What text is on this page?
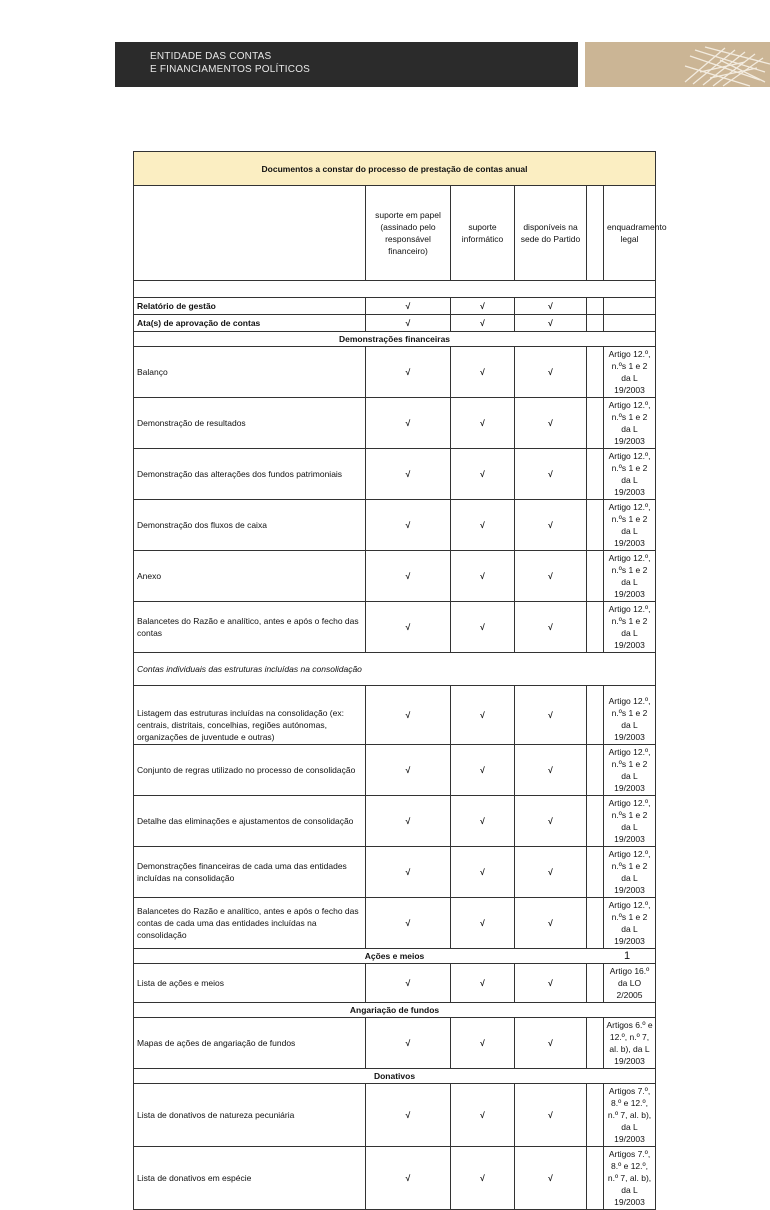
ENTIDADE DAS CONTAS
E FINANCIAMENTOS POLÍTICOS
Documentos a constar do processo de prestação de contas anual					
	suporte em papel (assinado pelo responsável financeiro)	suporte informático	disponíveis na sede do Partido		enquadramento legal

Relatório de gestão	√	√	√		
Ata(s) de aprovação de contas	√	√	√		
Demonstrações financeiras					
Balanço	√	√	√		Artigo 12.º, n.ºs 1 e 2 da L 19/2003
Demonstração de resultados	√	√	√		Artigo 12.º, n.ºs 1 e 2 da L 19/2003
Demonstração das alterações dos fundos patrimoniais	√	√	√		Artigo 12.º, n.ºs 1 e 2 da L 19/2003
Demonstração dos fluxos de caixa	√	√	√		Artigo 12.º, n.ºs 1 e 2 da L 19/2003
Anexo	√	√	√		Artigo 12.º, n.ºs 1 e 2 da L 19/2003
Balancetes do Razão e analítico, antes e após o fecho das contas	√	√	√		Artigo 12.º, n.ºs 1 e 2 da L 19/2003
Contas individuais das estruturas incluídas na consolidação					
Listagem das estruturas incluídas na consolidação (ex: centrais, distritais, concelhias, regiões autónomas, organizações de juventude e outras)	√	√	√		Artigo 12.º, n.ºs 1 e 2 da L 19/2003
Conjunto de regras utilizado no processo de consolidação	√	√	√		Artigo 12.º, n.ºs 1 e 2 da L 19/2003
Detalhe das eliminações e ajustamentos de consolidação	√	√	√		Artigo 12.º, n.ºs 1 e 2 da L 19/2003
Demonstrações financeiras de cada uma das entidades incluídas na consolidação	√	√	√		Artigo 12.º, n.ºs 1 e 2 da L 19/2003
Balancetes do Razão e analítico, antes e após o fecho das contas de cada uma das entidades incluídas na consolidação	√	√	√		Artigo 12.º, n.ºs 1 e 2 da L 19/2003
Ações e meios					
Lista de ações e meios	√	√	√		Artigo 16.º da LO 2/2005
Angariação de fundos					
Mapas de ações de angariação de fundos	√	√	√		Artigos 6.º e 12.º, n.º 7, al. b), da L 19/2003
Donativos					
Lista de donativos de natureza pecuniária	√	√	√		Artigos 7.º, 8.º e 12.º, n.º 7, al. b), da L 19/2003
Lista de donativos em espécie	√	√	√		Artigos 7.º, 8.º e 12.º, n.º 7, al. b), da L 19/2003
1
